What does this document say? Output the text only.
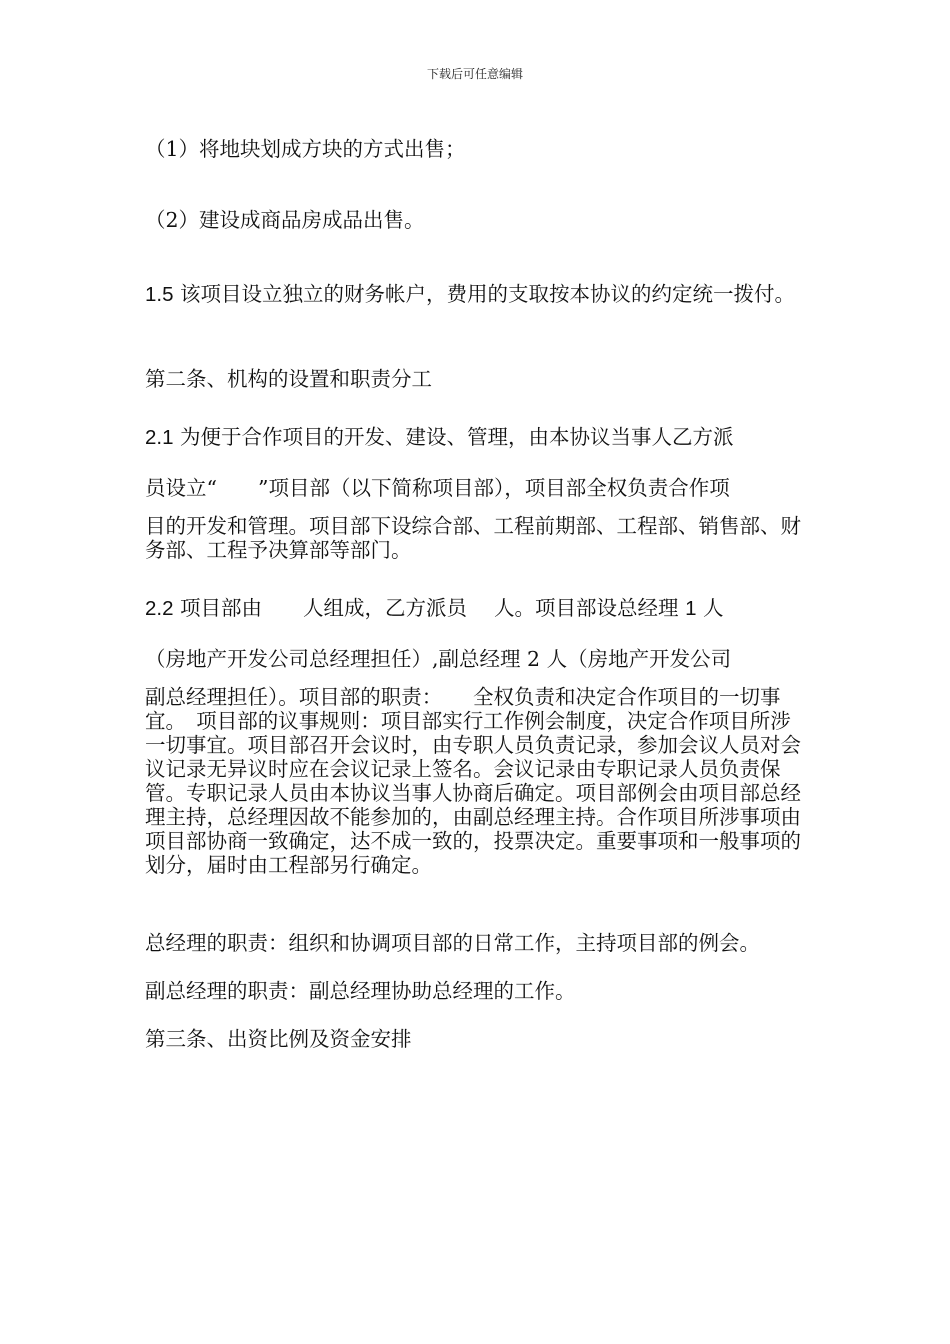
下载后可任意编辑
（1）将地块划成方块的方式出售；
（2）建设成商品房成品出售。
1.5 该项目设立独立的财务帐户，费用的支取按本协议的约定统一拨付。
第二条、机构的设置和职责分工
2.1 为便于合作项目的开发、建设、管理，由本协议当事人乙方派
员设立“　　”项目部（以下简称项目部），项目部全权负责合作项
目的开发和管理。项目部下设综合部、工程前期部、工程部、销售部、财务部、工程予决算部等部门。
2.2 项目部由　　人组成，乙方派员　 人。项目部设总经理 1 人
（房地产开发公司总经理担任）,副总经理 2 人（房地产开发公司
副总经理担任）。项目部的职责：　　全权负责和决定合作项目的一切事宜。　项目部的议事规则：项目部实行工作例会制度，决定合作项目所涉一切事宜。项目部召开会议时，由专职人员负责记录，参加会议人员对会议记录无异议时应在会议记录上签名。会议记录由专职记录人员负责保管。专职记录人员由本协议当事人协商后确定。项目部例会由项目部总经理主持，总经理因故不能参加的，由副总经理主持。合作项目所涉事项由项目部协商一致确定，达不成一致的，投票决定。重要事项和一般事项的划分，届时由工程部另行确定。
总经理的职责：组织和协调项目部的日常工作，主持项目部的例会。
副总经理的职责：副总经理协助总经理的工作。
第三条、出资比例及资金安排
